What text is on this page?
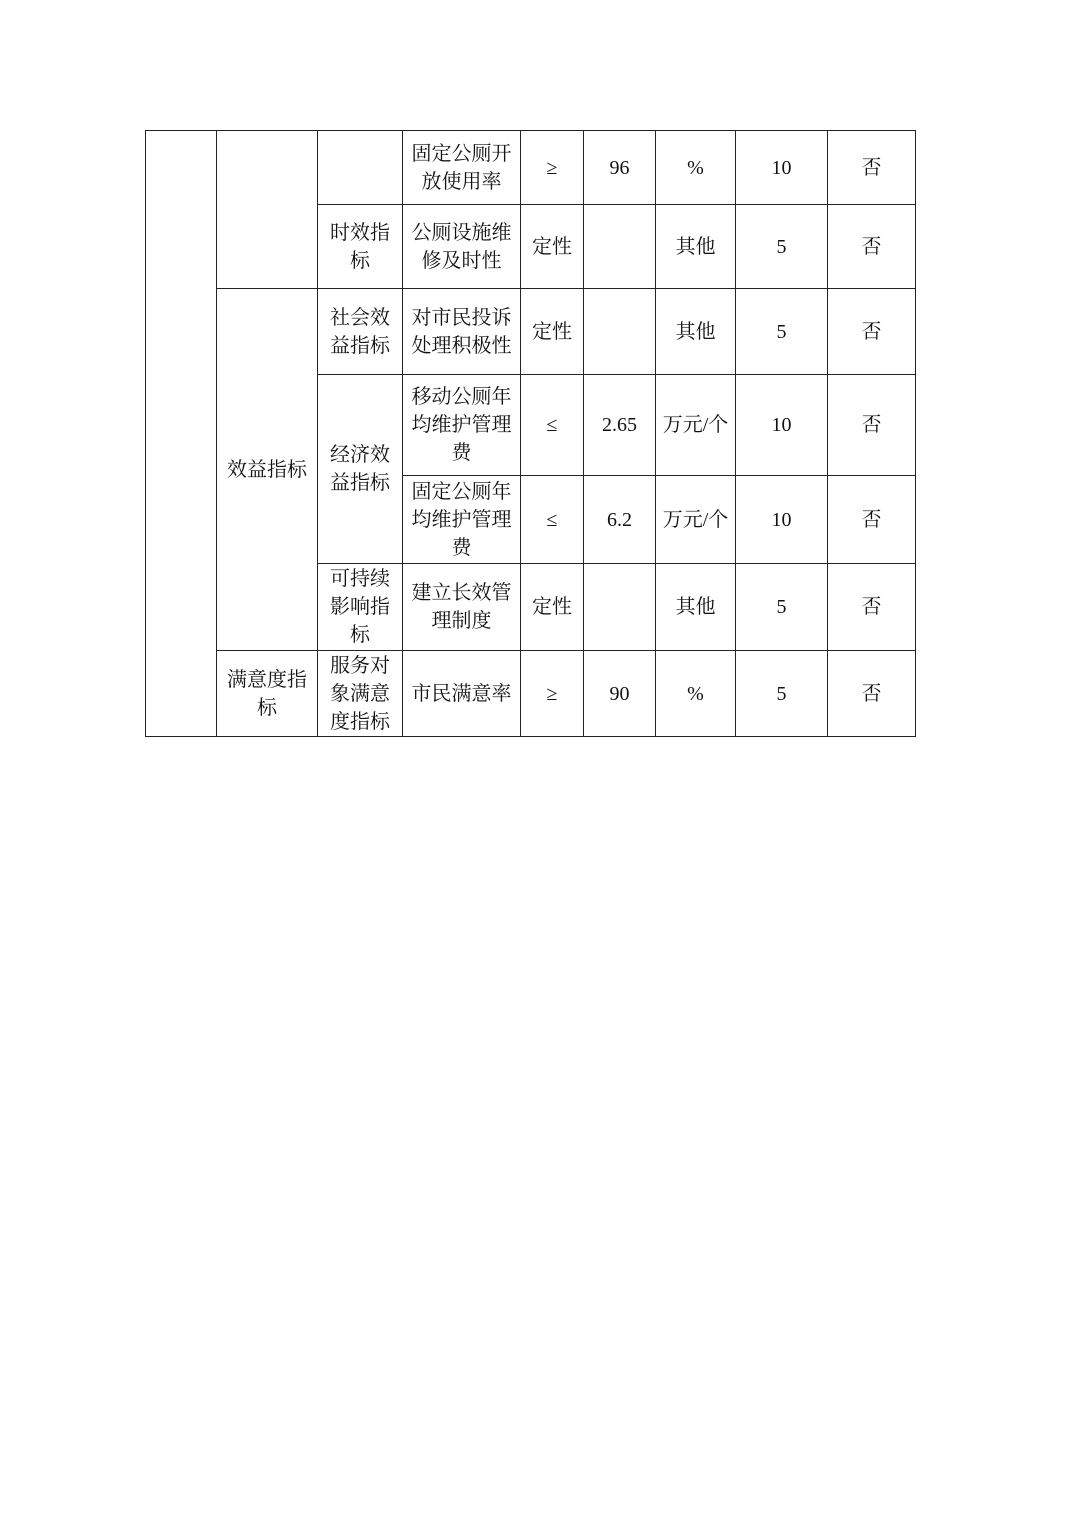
			固定公厕开放使用率	≥	96	%	10	否
		时效指标	公厕设施维修及时性	定性		其他	5	否
	效益指标	社会效益指标	对市民投诉处理积极性	定性		其他	5	否
		经济效益指标	移动公厕年均维护管理费	≤	2.65	万元/个	10	否
			固定公厕年均维护管理费	≤	6.2	万元/个	10	否
		可持续影响指标	建立长效管理制度	定性		其他	5	否
	满意度指标	服务对象满意度指标	市民满意率	≥	90	%	5	否
